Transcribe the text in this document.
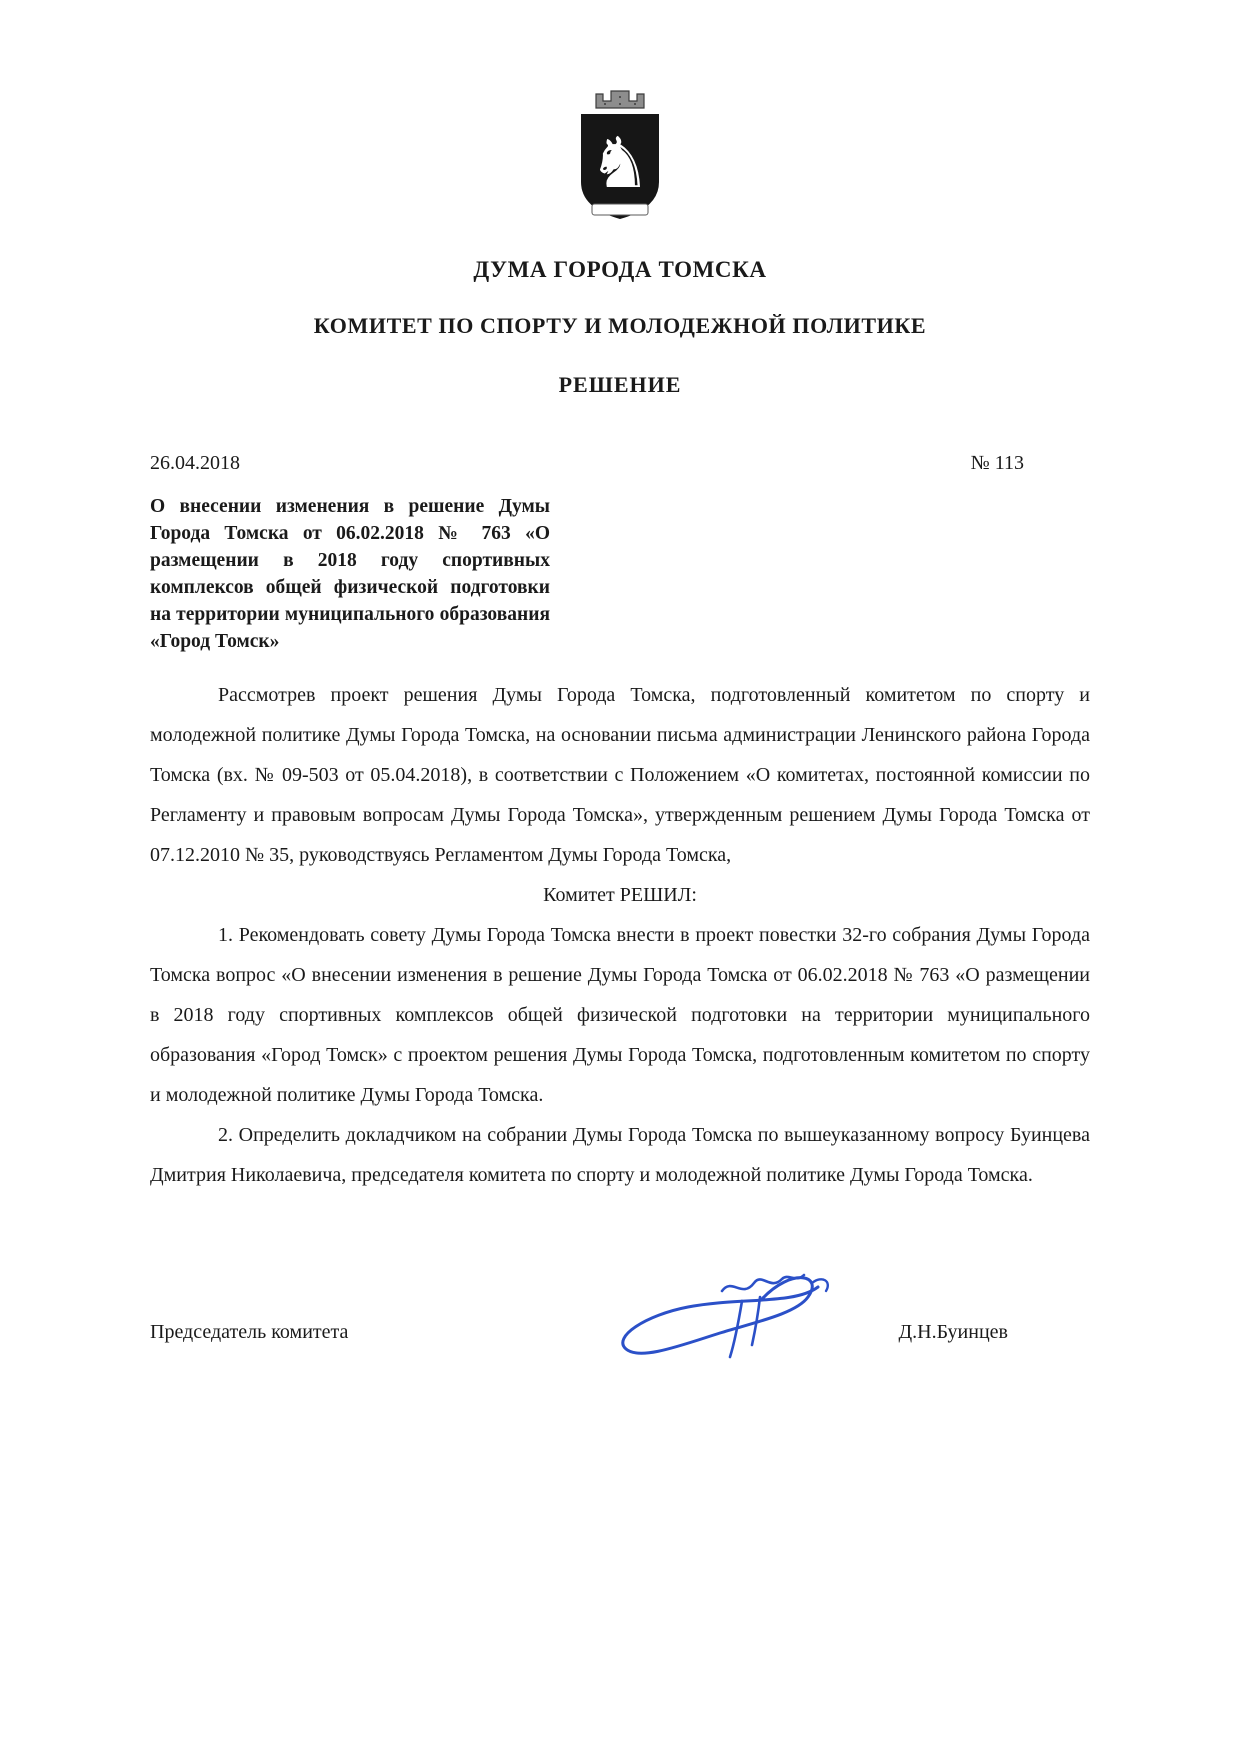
♞
ДУМА ГОРОДА ТОМСКА
КОМИТЕТ ПО СПОРТУ И МОЛОДЕЖНОЙ ПОЛИТИКЕ
РЕШЕНИЕ
26.04.2018	№ 113
О внесении изменения в решение Думы Города Томска от 06.02.2018 № 763 «О размещении в 2018 году спортивных комплексов общей физической подготовки на территории муниципального образования «Город Томск»
Рассмотрев проект решения Думы Города Томска, подготовленный комитетом по спорту и молодежной политике Думы Города Томска, на основании письма администрации Ленинского района Города Томска (вх. № 09-503 от 05.04.2018), в соответствии с Положением «О комитетах, постоянной комиссии по Регламенту и правовым вопросам Думы Города Томска», утвержденным решением Думы Города Томска от 07.12.2010 № 35, руководствуясь Регламентом Думы Города Томска,
Комитет РЕШИЛ:
1. Рекомендовать совету Думы Города Томска внести в проект повестки 32-го собрания Думы Города Томска вопрос «О внесении изменения в решение Думы Города Томска от 06.02.2018 № 763 «О размещении в 2018 году спортивных комплексов общей физической подготовки на территории муниципального образования «Город Томск» с проектом решения Думы Города Томска, подготовленным комитетом по спорту и молодежной политике Думы Города Томска.
2. Определить докладчиком на собрании Думы Города Томска по вышеуказанному вопросу Буинцева Дмитрия Николаевича, председателя комитета по спорту и молодежной политике Думы Города Томска.
Председатель комитета	Д.Н.Буинцев
